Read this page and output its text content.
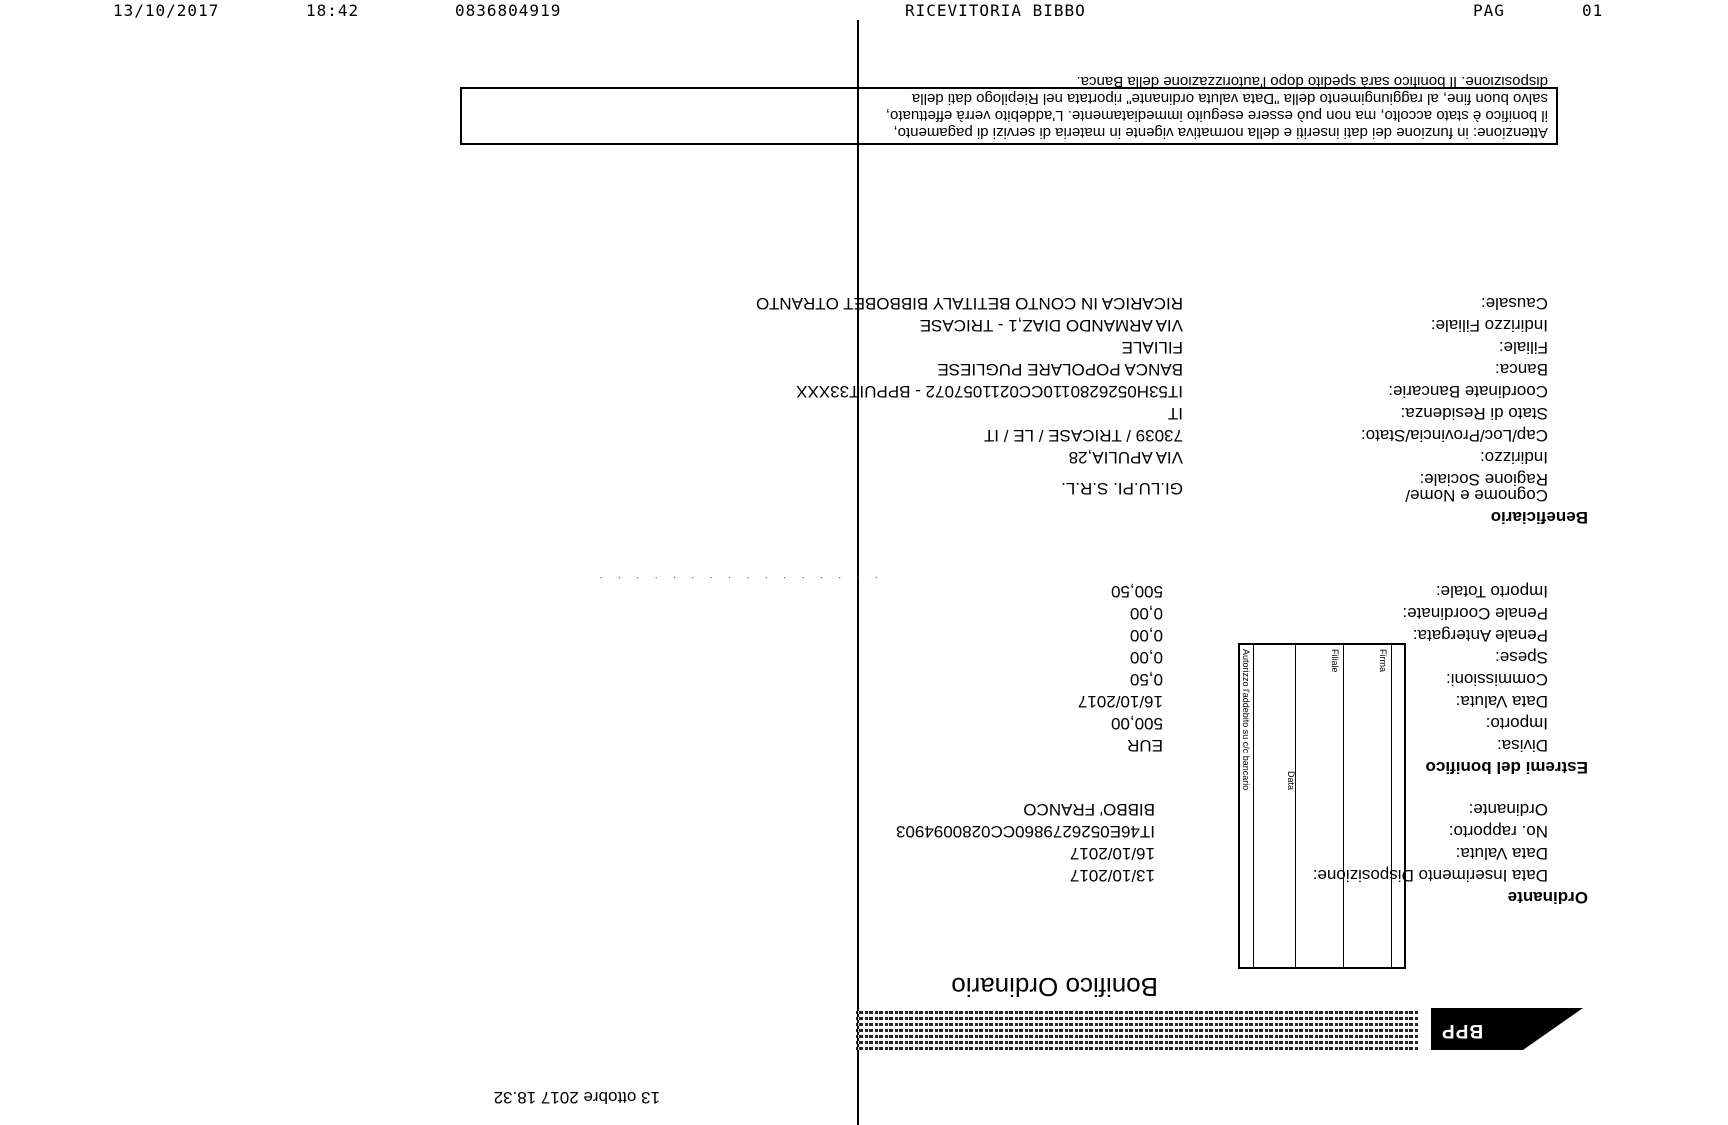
13/10/2017	18:42	0836804919	RICEVITORIA BIBBO	PAG	01
13 ottobre 2017 18.32
BPP
Bonifico Ordinario
Firma
Filiale
Data
Autorizzo l'addebito su c/c bancario
Ordinante
Data Inserimento Disposizione:
13/10/2017
Data Valuta:
16/10/2017
No. rapporto:
IT46E0526279860CC0280094903
Ordinante:
BIBBO' FRANCO
Estremi del bonifico
Divisa:
EUR
Importo:
500,00
Data Valuta:
16/10/2017
Commissioni:
0,50
Spese:
0,00
Penale Antergata:
0,00
Penale Coordinate:
0,00
Importo Totale:
500,50
. . . . . . . . . . . . . . . .
Beneficiario
Cognome e Nome/
Ragione Sociale:
GI.LU.PI. S.R.L.
Indirizzo:
VIA APULIA,28
Cap/Loc/Provincia/Stato:
73039 / TRICASE / LE / IT
Stato di Residenza:
IT
Coordinate Bancarie:
IT53H0526280110CC0211057072 - BPPUIT33XXX
Banca:
BANCA POPOLARE PUGLIESE
Filiale:
FILIALE
Indirizzo Filiale:
VIA ARMANDO DIAZ,1 - TRICASE
Causale:
RICARICA IN CONTO BETITALY BIBBOBET OTRANTO
Attenzione: in funzione dei dati inseriti e della normativa vigente in materia di servizi di pagamento,
il bonifico è stato accolto, ma non può essere eseguito immediatamente. L'addebito verrà effettuato,
salvo buon fine, al raggiungimento della "Data valuta ordinante" riportata nel Riepilogo dati della
disposizione. Il bonifico sarà spedito dopo l'autorizzazione della Banca.
